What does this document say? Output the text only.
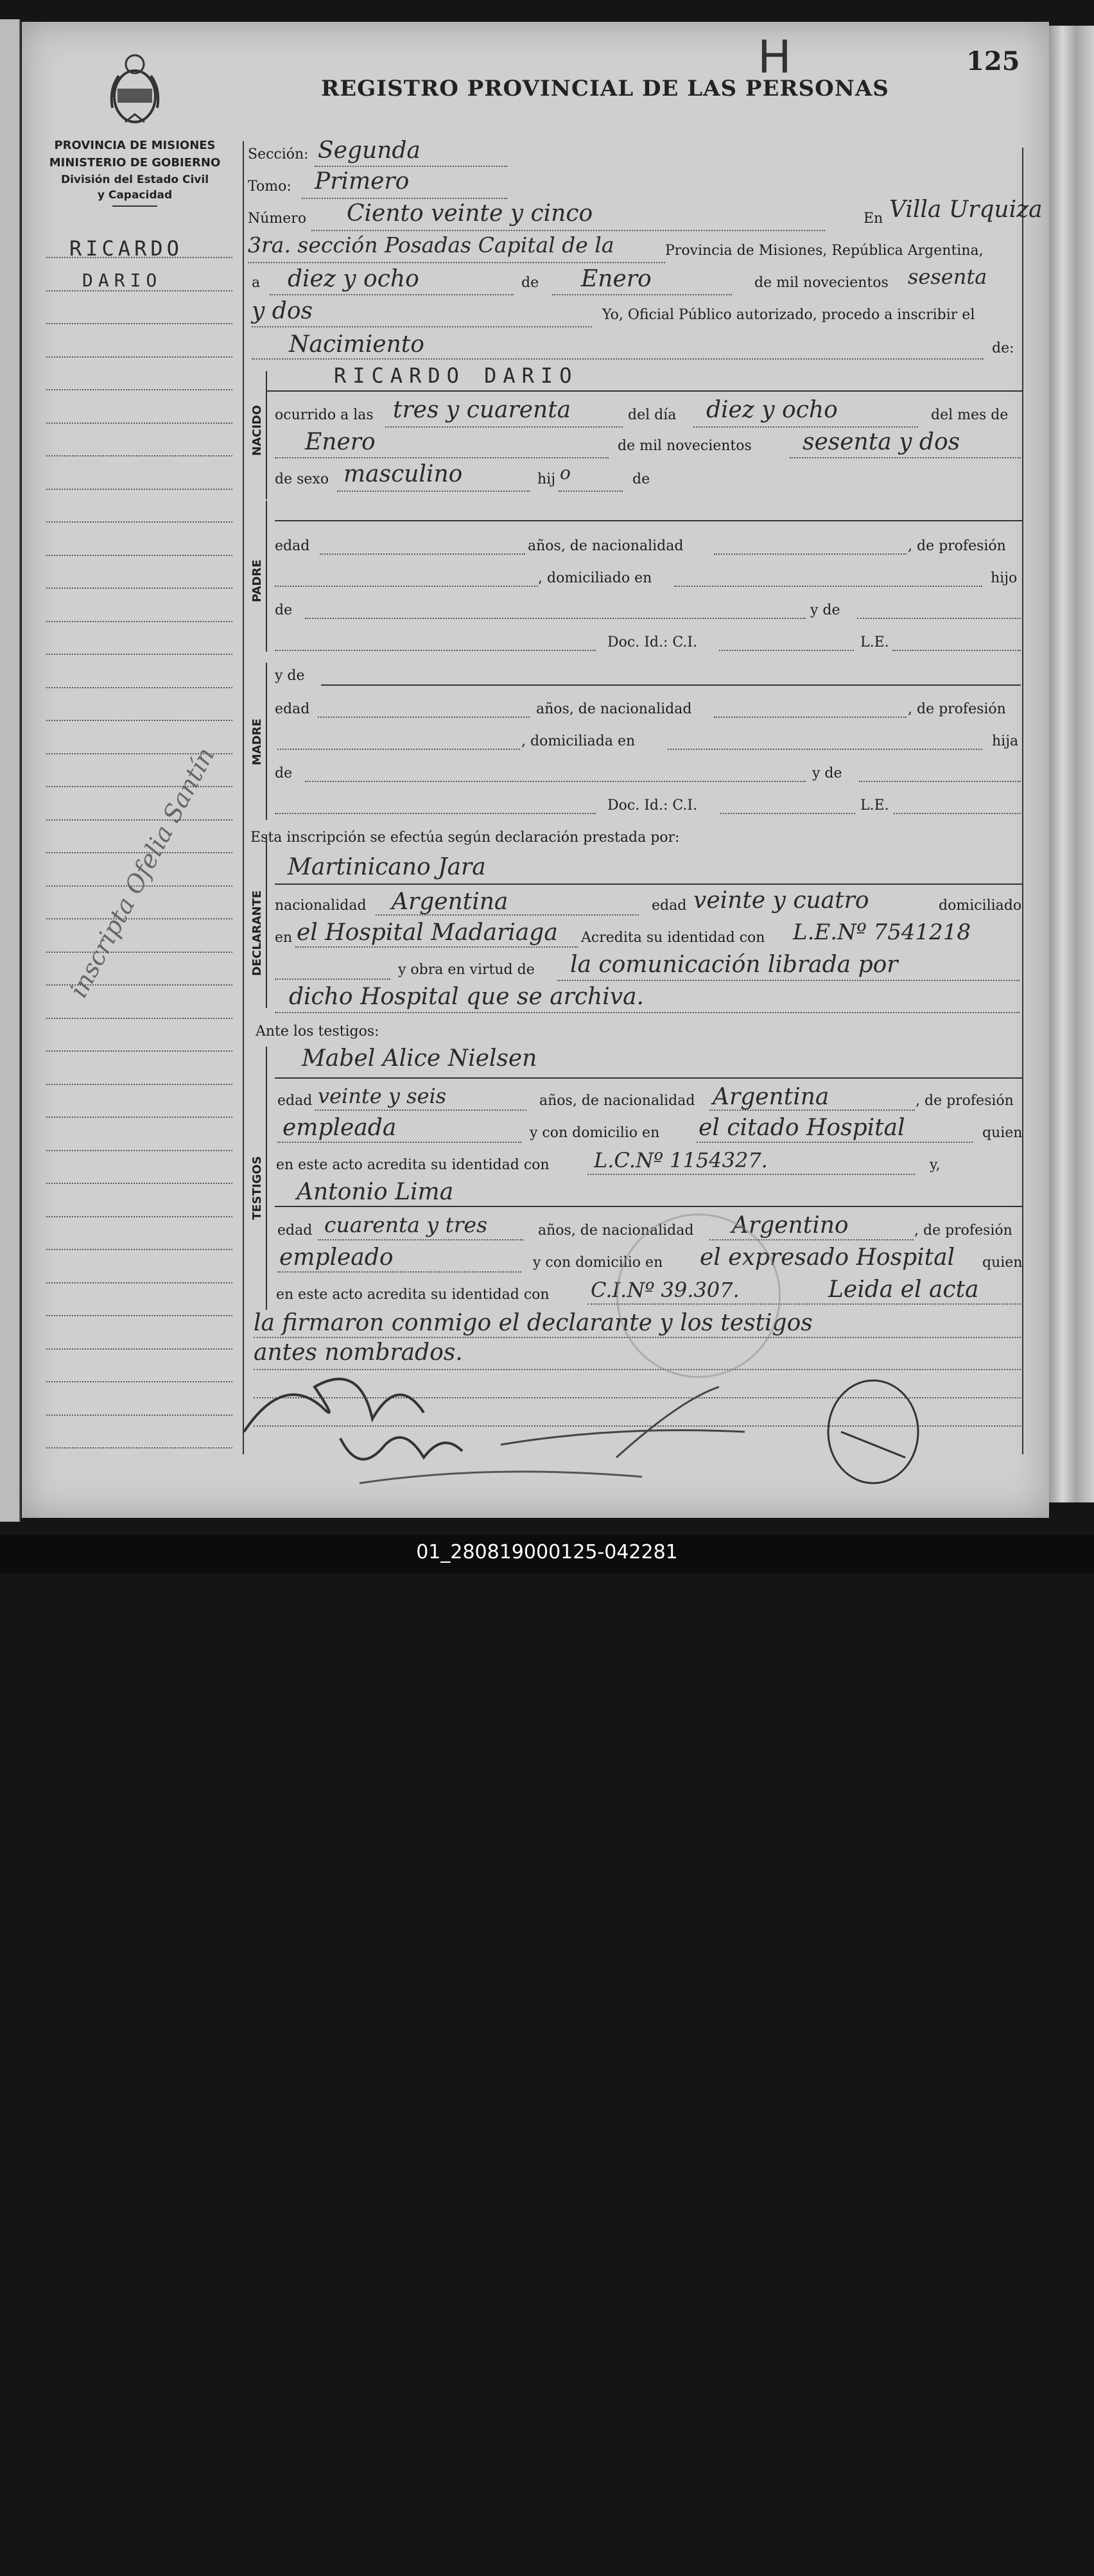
H	125
REGISTRO PROVINCIAL DE LAS PERSONAS
PROVINCIA DE MISIONES
MINISTERIO DE GOBIERNO
División del Estado Civil
y Capacidad
RICARDO
DARIO
inscripta Ofelia Santín
Sección: Segunda
Tomo: Primero
Número Ciento veinte y cinco	En Villa Urquiza
3ra. sección Posadas Capital de la	Provincia de Misiones, República Argentina,
a diez y ocho	de Enero	de mil novecientos sesenta
y dos	Yo, Oficial Público autorizado, procedo a inscribir el
Nacimiento	de:
NACIDO
RICARDO DARIO
ocurrido a las tres y cuarenta	del día diez y ocho	del mes de
Enero	de mil novecientos sesenta y dos
de sexo masculino	hij o	de
PADRE
edad	años, de nacionalidad	, de profesión
, domiciliado en	hijo
de	y de
Doc. Id.: C.I.	L.E.
MADRE
y de
edad	años, de nacionalidad	, de profesión
, domiciliada en	hija
de	y de
Doc. Id.: C.I.	L.E.
Esta inscripción se efectúa según declaración prestada por:
DECLARANTE
Martinicano Jara
nacionalidad Argentina	edad veinte y cuatro	domiciliado
en el Hospital Madariaga Acredita su identidad con L.E.Nº 7541218
y obra en virtud de la comunicación librada por
dicho Hospital que se archiva.
Ante los testigos:
TESTIGOS
Mabel Alice Nielsen
edad veinte y seis	años, de nacionalidad Argentina	, de profesión
empleada	y con domicilio en el citado Hospital	quien
en este acto acredita su identidad con L.C.Nº 1154327.	y,
Antonio Lima
edad cuarenta y tres	años, de nacionalidad Argentino	, de profesión
empleado	y con domicilio en el expresado Hospital quien
en este acto acredita su identidad con C.I.Nº 39.307.	Leida el acta
la firmaron conmigo el declarante y los testigos
antes nombrados.
01_280819000125-042281
